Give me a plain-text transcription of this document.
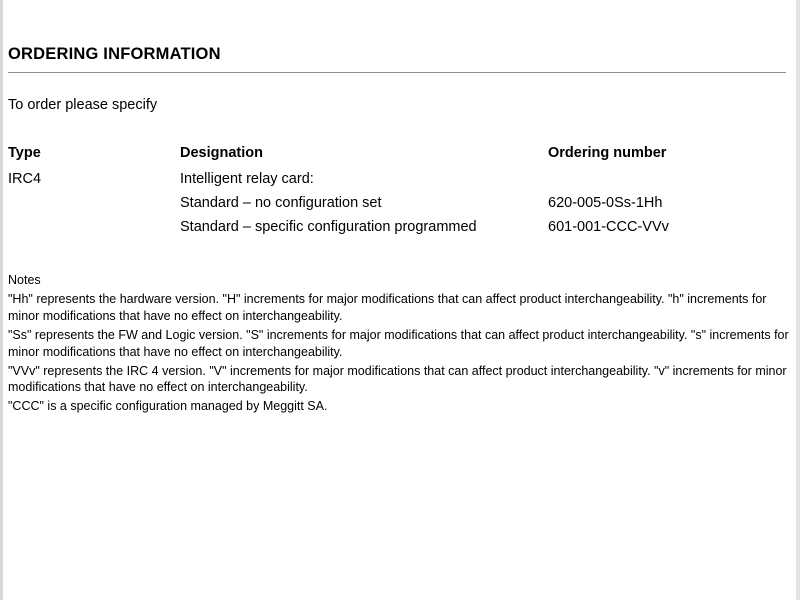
ORDERING INFORMATION

To order please specify

Type	Designation	Ordering number
IRC4	Intelligent relay card:	
	Standard – no configuration set	620-005-0Ss-1Hh
	Standard – specific configuration programmed	601-001-CCC-VVv
Notes

"Hh" represents the hardware version. "H" increments for major modifications that can affect product interchangeability. "h" increments for minor modifications that have no effect on interchangeability.

"Ss" represents the FW and Logic version. "S" increments for major modifications that can affect product interchangeability. "s" increments for minor modifications that have no effect on interchangeability.

"VVv" represents the IRC 4 version. "V" increments for major modifications that can affect product interchangeability. "v" increments for minor modifications that have no effect on interchangeability.

"CCC" is a specific configuration managed by Meggitt SA.
